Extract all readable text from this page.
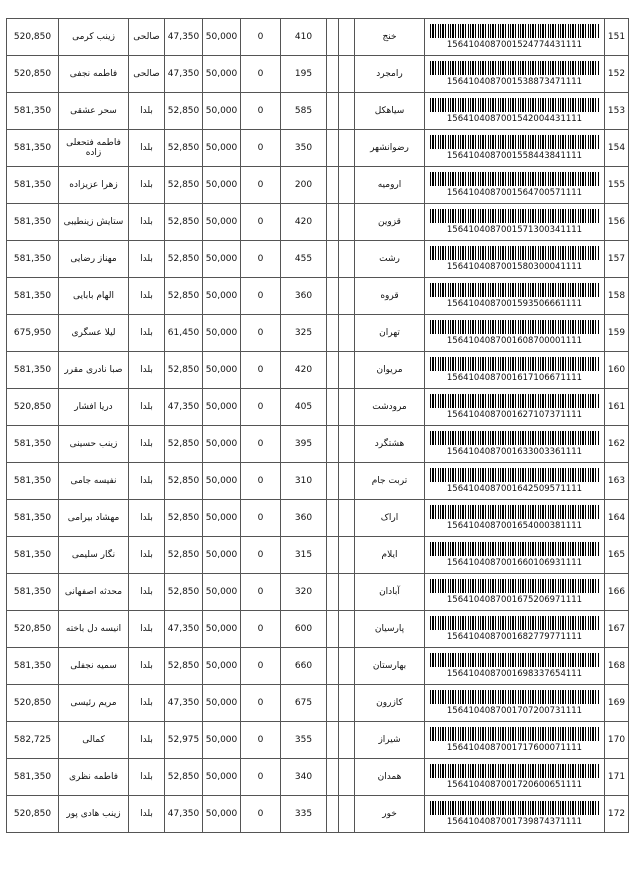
151	1564104087001524774431111	خنج			410	0	50,000	47,350	صالحی	زینب کرمی	520,850
152	1564104087001538873471111	رامجرد			195	0	50,000	47,350	صالحی	فاطمه نجفی	520,850
153	1564104087001542004431111	سیاهکل			585	0	50,000	52,850	بلدا	سحر عشقی	581,350
154	1564104087001558443841111	رضوانشهر			350	0	50,000	52,850	بلدا	فاطمه فتحعلی زاده	581,350
155	1564104087001564700571111	ارومیه			200	0	50,000	52,850	بلدا	زهرا عزیزاده	581,350
156	1564104087001571300341111	قزوین			420	0	50,000	52,850	بلدا	ستایش زینطیبی	581,350
157	1564104087001580300041111	رشت			455	0	50,000	52,850	بلدا	مهناز رضایی	581,350
158	1564104087001593506661111	قروه			360	0	50,000	52,850	بلدا	الهام بابایی	581,350
159	1564104087001608700001111	تهران			325	0	50,000	61,450	بلدا	لیلا عسگری	675,950
160	1564104087001617106671111	مریوان			420	0	50,000	52,850	بلدا	صبا نادری مقرر	581,350
161	1564104087001627107371111	مرودشت			405	0	50,000	47,350	بلدا	دریا افشار	520,850
162	1564104087001633003361111	هشتگرد			395	0	50,000	52,850	بلدا	زینب حسینی	581,350
163	1564104087001642509571111	تربت جام			310	0	50,000	52,850	بلدا	نفیسه جامی	581,350
164	1564104087001654000381111	اراک			360	0	50,000	52,850	بلدا	مهشاد بیرامی	581,350
165	1564104087001660106931111	ایلام			315	0	50,000	52,850	بلدا	نگار سلیمی	581,350
166	1564104087001675206971111	آبادان			320	0	50,000	52,850	بلدا	محدثه اصفهانی	581,350
167	1564104087001682779771111	پارسیان			600	0	50,000	47,350	بلدا	انیسه دل باخته	520,850
168	1564104087001698337654111	بهارستان			660	0	50,000	52,850	بلدا	سمیه نجفلی	581,350
169	1564104087001707200731111	کازرون			675	0	50,000	47,350	بلدا	مریم رئیسی	520,850
170	1564104087001717600071111	شیراز			355	0	50,000	52,975	بلدا	کمالی	582,725
171	1564104087001720600651111	همدان			340	0	50,000	52,850	بلدا	فاطمه نظری	581,350
172	1564104087001739874371111	خور			335	0	50,000	47,350	بلدا	زینب هادی پور	520,850
